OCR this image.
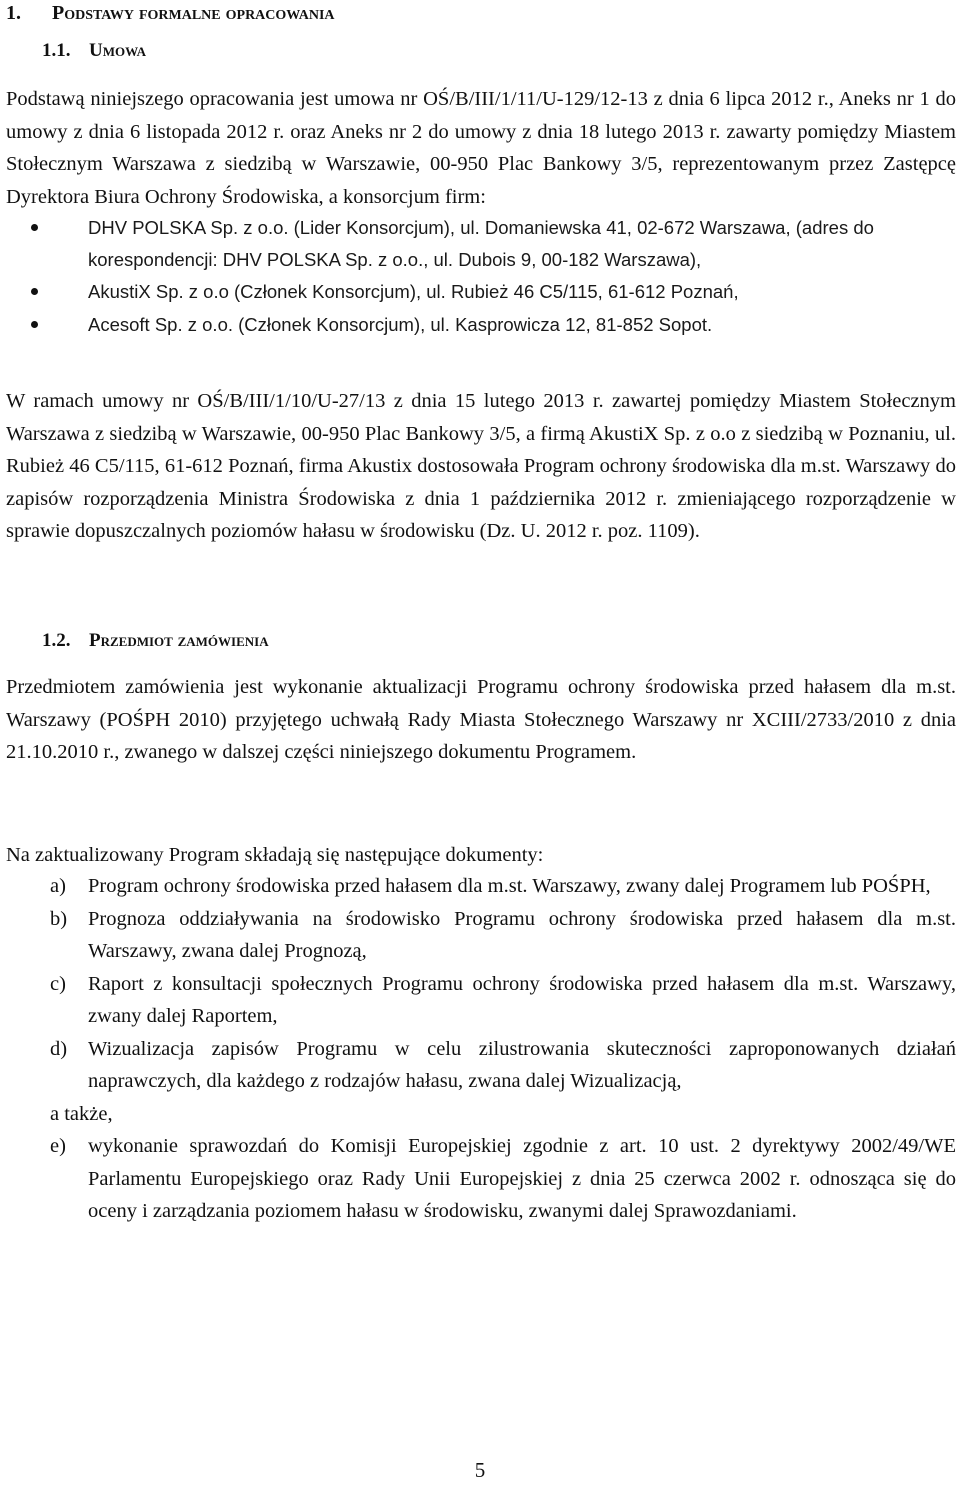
1. Podstawy formalne opracowania
1.1. Umowa

Podstawą niniejszego opracowania jest umowa nr OŚ/B/III/1/11/U-129/12-13 z dnia 6 lipca 2012 r., Aneks nr 1 do umowy z dnia 6 listopada 2012 r. oraz Aneks nr 2 do umowy z dnia 18 lutego 2013 r. zawarty pomiędzy Miastem Stołecznym Warszawa z siedzibą w Warszawie, 00-950 Plac Bankowy 3/5, reprezentowanym przez Zastępcę Dyrektora Biura Ochrony Środowiska, a konsorcjum firm:

DHV POLSKA Sp. z o.o. (Lider Konsorcjum), ul. Domaniewska 41, 02-672 Warszawa, (adres do korespondencji: DHV POLSKA Sp. z o.o., ul. Dubois 9, 00-182 Warszawa),
AkustiX Sp. z o.o (Członek Konsorcjum), ul. Rubież 46 C5/115, 61-612 Poznań,
Acesoft Sp. z o.o. (Członek Konsorcjum), ul. Kasprowicza 12, 81-852 Sopot.

W ramach umowy nr OŚ/B/III/1/10/U-27/13 z dnia 15 lutego 2013 r. zawartej pomiędzy Miastem Stołecznym Warszawa z siedzibą w Warszawie, 00-950 Plac Bankowy 3/5, a firmą AkustiX Sp. z o.o z siedzibą w Poznaniu, ul. Rubież 46 C5/115, 61-612 Poznań, firma Akustix dostosowała Program ochrony środowiska dla m.st. Warszawy do zapisów rozporządzenia Ministra Środowiska z dnia 1 października 2012 r. zmieniającego rozporządzenie w sprawie dopuszczalnych poziomów hałasu w środowisku (Dz. U. 2012 r. poz. 1109).

1.2. Przedmiot zamówienia

Przedmiotem zamówienia jest wykonanie aktualizacji Programu ochrony środowiska przed hałasem dla m.st. Warszawy (POŚPH 2010) przyjętego uchwałą Rady Miasta Stołecznego Warszawy nr XCIII/2733/2010 z dnia 21.10.2010 r., zwanego w dalszej części niniejszego dokumentu Programem.

Na zaktualizowany Program składają się następujące dokumenty:

a) Program ochrony środowiska przed hałasem dla m.st. Warszawy, zwany dalej Programem lub POŚPH,
b) Prognoza oddziaływania na środowisko Programu ochrony środowiska przed hałasem dla m.st. Warszawy, zwana dalej Prognozą,
c) Raport z konsultacji społecznych Programu ochrony środowiska przed hałasem dla m.st. Warszawy, zwany dalej Raportem,
d) Wizualizacja zapisów Programu w celu zilustrowania skuteczności zaproponowanych działań naprawczych, dla każdego z rodzajów hałasu, zwana dalej Wizualizacją,
a także,
e) wykonanie sprawozdań do Komisji Europejskiej zgodnie z art. 10 ust. 2 dyrektywy 2002/49/WE Parlamentu Europejskiego oraz Rady Unii Europejskiej z dnia 25 czerwca 2002 r. odnosząca się do oceny i zarządzania poziomem hałasu w środowisku, zwanymi dalej Sprawozdaniami.
5
